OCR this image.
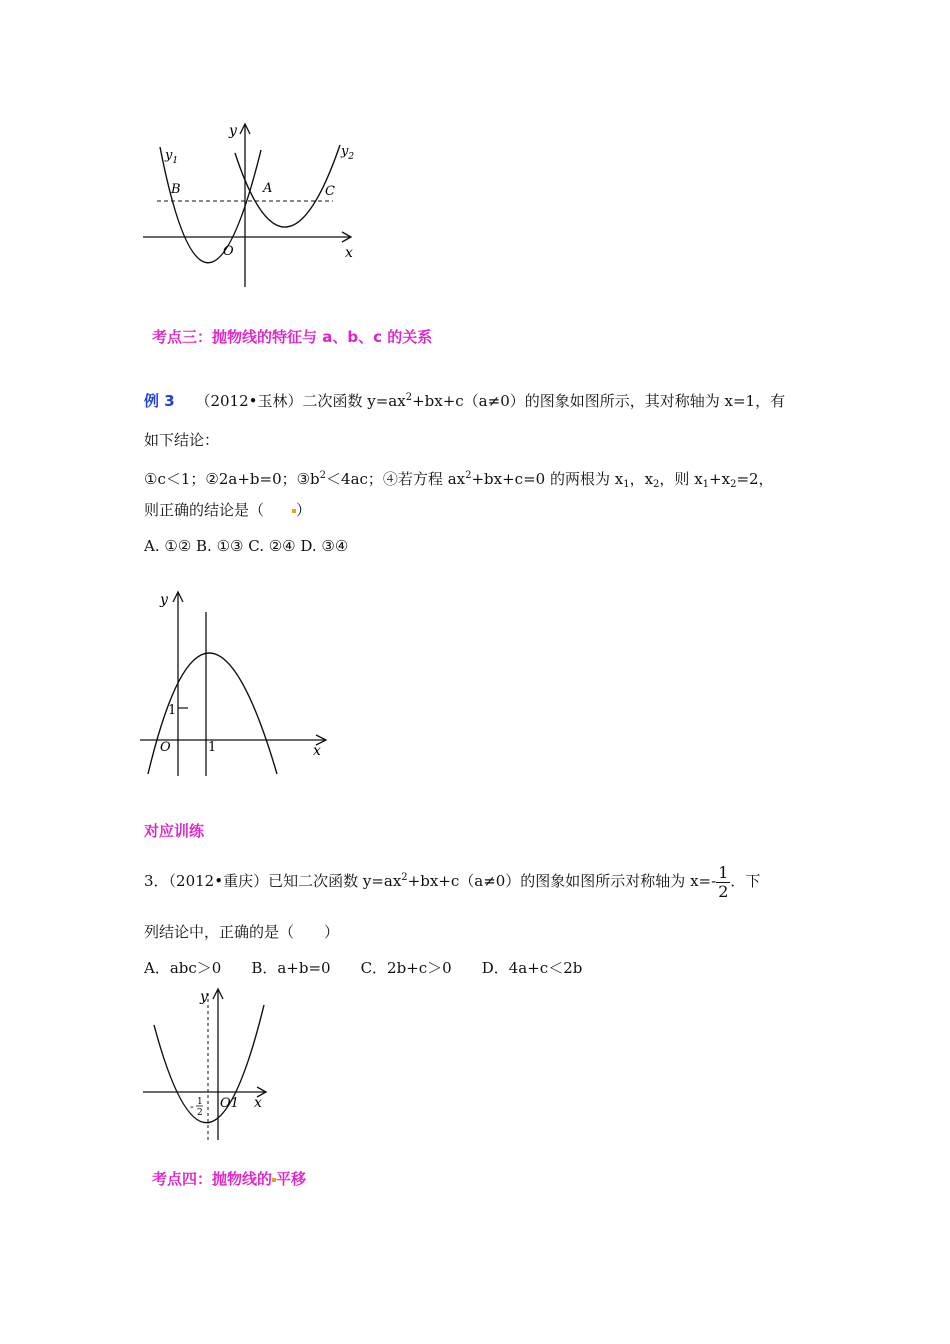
y
x
$y_1$
$y_2$
B	A	C
O
考点三：抛物线的特征与 a、b、c 的关系
例 3 （2012•玉林）二次函数 $y=ax^2+bx+c(a\ne 0)$的图象如图所示，其对称轴为 x=1，有
如下结论：
①c＜1；②2a+b=0；$③b^2<4ac$；④若方程 $ax^2+bx+c=0$ 的两根为 $x_1$，$x_2$，则 $x_1+x_2=2$，
则正确的结论是（ ）
A. ①② B. ①③ C. ②④ D. ③④
y
x
O	1
1
对应训练
3．（2012•重庆）已知二次函数 $y=ax^2+bx+c(a\ne 0)$的图象如图所示对称轴为 $x=- \frac{1}{2}$ ．下
列结论中，正确的是（　　）
A．abc＞0　　B．a+b=0　　C．2b+c＞0　　D．4a+c＜2b
y
x
O1
- 1
2
考点四：抛物线的 平移
